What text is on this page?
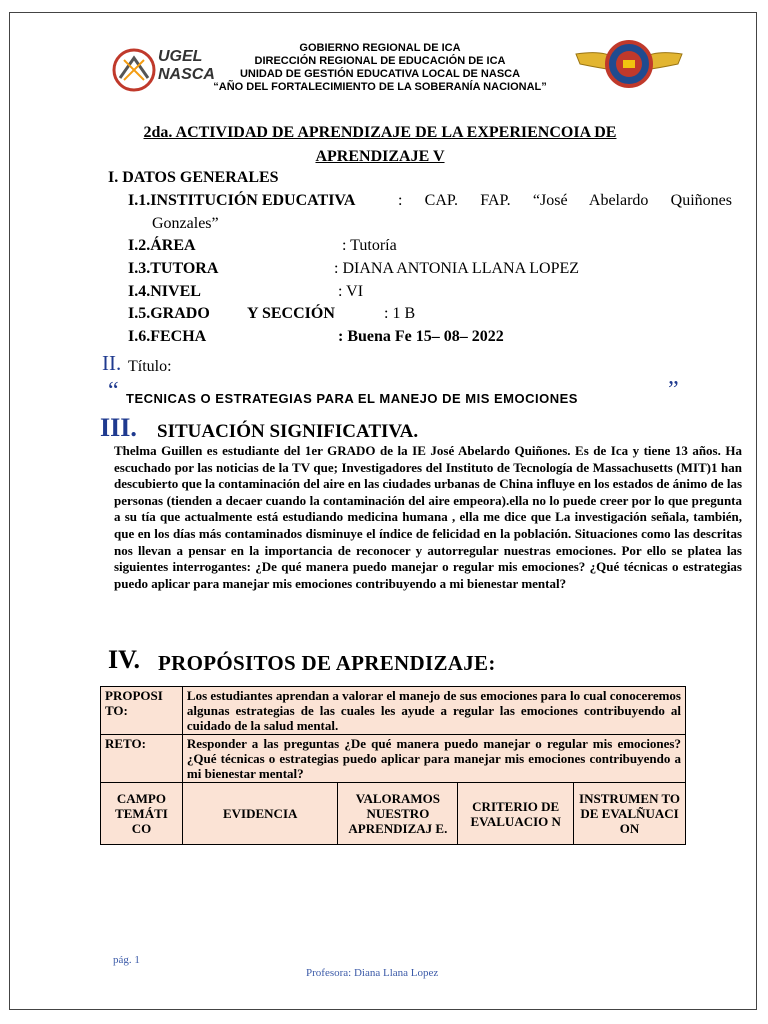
UGEL
NASCA
GOBIERNO REGIONAL DE ICA
DIRECCIÓN REGIONAL DE EDUCACIÓN DE ICA
UNIDAD DE GESTIÓN EDUCATIVA LOCAL DE NASCA
“AÑO DEL FORTALECIMIENTO DE LA SOBERANÍA NACIONAL”
2da. ACTIVIDAD DE APRENDIZAJE DE LA EXPERIENCOIA DE
APRENDIZAJE V
I. DATOS GENERALES
I.1.INSTITUCIÓN EDUCATIVA	: CAP. FAP. “José Abelardo Quiñones
Gonzales”
I.2.ÁREA	: Tutoría
I.3.TUTORA	: DIANA ANTONIA LLANA LOPEZ
I.4.NIVEL	: VI
I.5.GRADO Y SECCIÓN	: 1 B
I.6.FECHA	: Buena Fe 15– 08– 2022
II. Título:
“ TECNICAS O ESTRATEGIAS PARA EL MANEJO DE MIS EMOCIONES	”
III. SITUACIÓN SIGNIFICATIVA.
Thelma Guillen es estudiante del 1er GRADO de la IE José Abelardo Quiñones. Es de Ica y tiene 13 años. Ha escuchado por las noticias de la TV que; Investigadores del Instituto de Tecnología de Massachusetts (MIT)1 han descubierto que la contaminación del aire en las ciudades urbanas de China influye en los estados de ánimo de las personas (tienden a decaer cuando la contaminación del aire empeora).ella no lo puede creer por lo que pregunta a su tía que actualmente está estudiando medicina humana , ella me dice que La investigación señala, también, que en los días más contaminados disminuye el índice de felicidad en la población. Situaciones como las descritas nos llevan a pensar en la importancia de reconocer y autorregular nuestras emociones. Por ello se platea las siguientes interrogantes: ¿De qué manera puedo manejar o regular mis emociones? ¿Qué técnicas o estrategias puedo aplicar para manejar mis emociones contribuyendo a mi bienestar mental?
IV. PROPÓSITOS DE APRENDIZAJE:
PROPOSI TO:	Los estudiantes aprendan a valorar el manejo de sus emociones para lo cual conoceremos algunas estrategias de las cuales les ayude a regular las emociones contribuyendo al cuidado de la salud mental.			
RETO:	Responder a las preguntas ¿De qué manera puedo manejar o regular mis emociones? ¿Qué técnicas o estrategias puedo aplicar para manejar mis emociones contribuyendo a mi bienestar mental?			
CAMPO TEMÁTI CO	EVIDENCIA	VALORAMOS NUESTRO APRENDIZAJ E.	CRITERIO DE EVALUACIO N	INSTRUMEN TO DE EVALÑUACI ON
pág. 1
Profesora: Diana Llana Lopez
